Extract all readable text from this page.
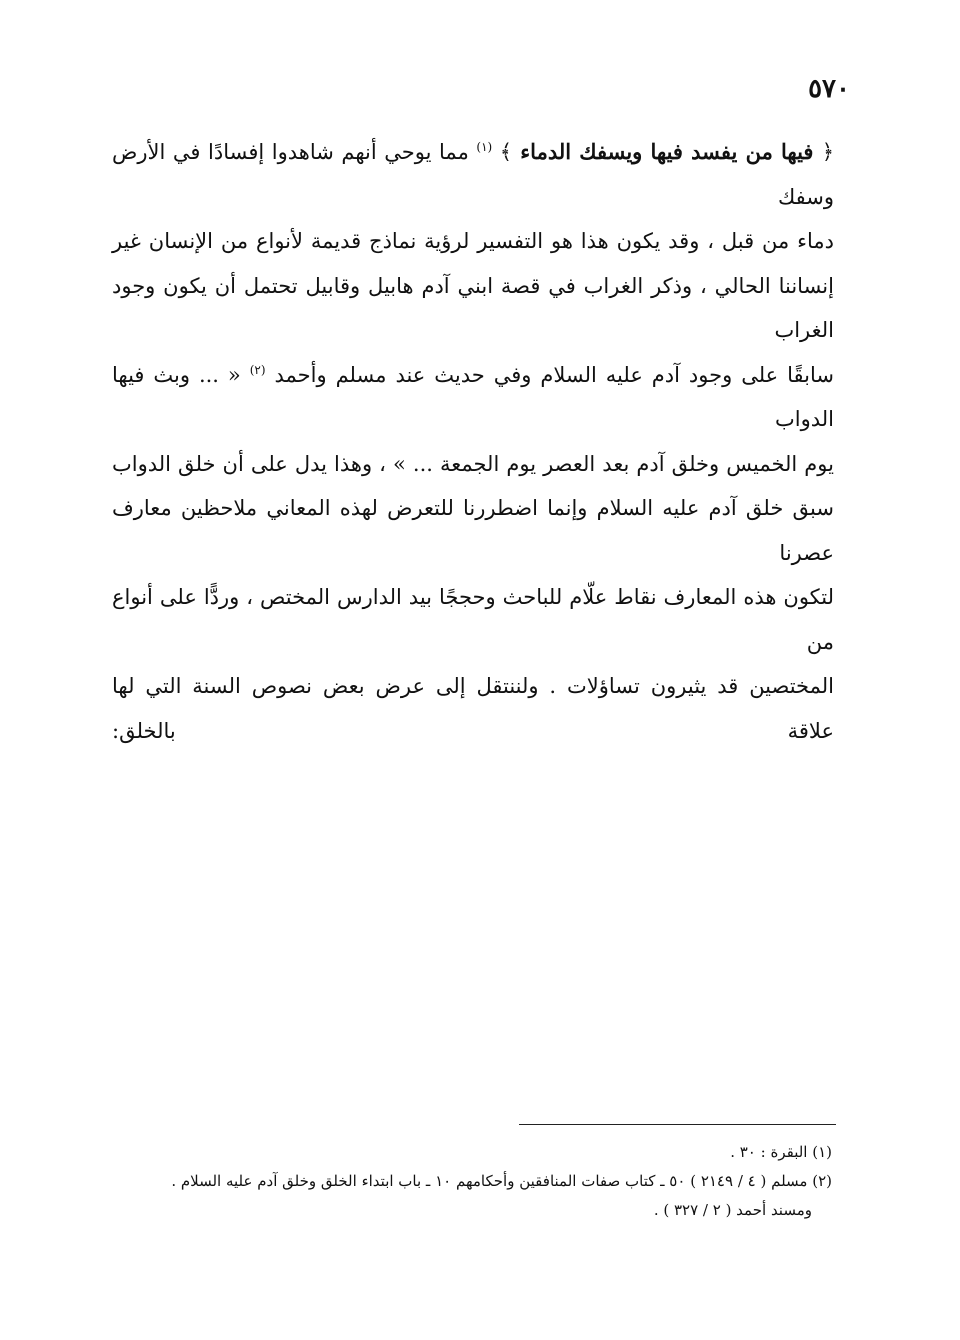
٥٧٠

﴿ فيها من يفسد فيها ويسفك الدماء ﴾ $^{(١)}$ مما يوحي أنهم شاهدوا إفسادًا في الأرض وسفك

دماء من قبل ، وقد يكون هذا هو التفسير لرؤية نماذج قديمة لأنواع من الإنسان غير

إنساننا الحالي ، وذكر الغراب في قصة ابني آدم هابيل وقابيل تحتمل أن يكون وجود الغراب

سابقًا على وجود آدم عليه السلام وفي حديث عند مسلم وأحمد $^{(٢)}$ « ... وبث فيها الدواب

يوم الخميس وخلق آدم بعد العصر يوم الجمعة ... » ، وهذا يدل على أن خلق الدواب

سبق خلق آدم عليه السلام وإنما اضطررنا للتعرض لهذه المعاني ملاحظين معارف عصرنا

لتكون هذه المعارف نقاط علّام للباحث وحججًا بيد الدارس المختص ، وردًّا على أنواع من

المختصين قد يثيرون تساؤلات . ولننتقل إلى عرض بعض نصوص السنة التي لها علاقة بالخلق:

(١) البقرة : ٣٠ .
(٢) مسلم ( ٤ / ٢١٤٩ ) ٥٠ ـ كتاب صفات المنافقين وأحكامهم ١٠ ـ باب ابتداء الخلق وخلق آدم عليه السلام .
ومسند أحمد ( ٢ / ٣٢٧ ) .
